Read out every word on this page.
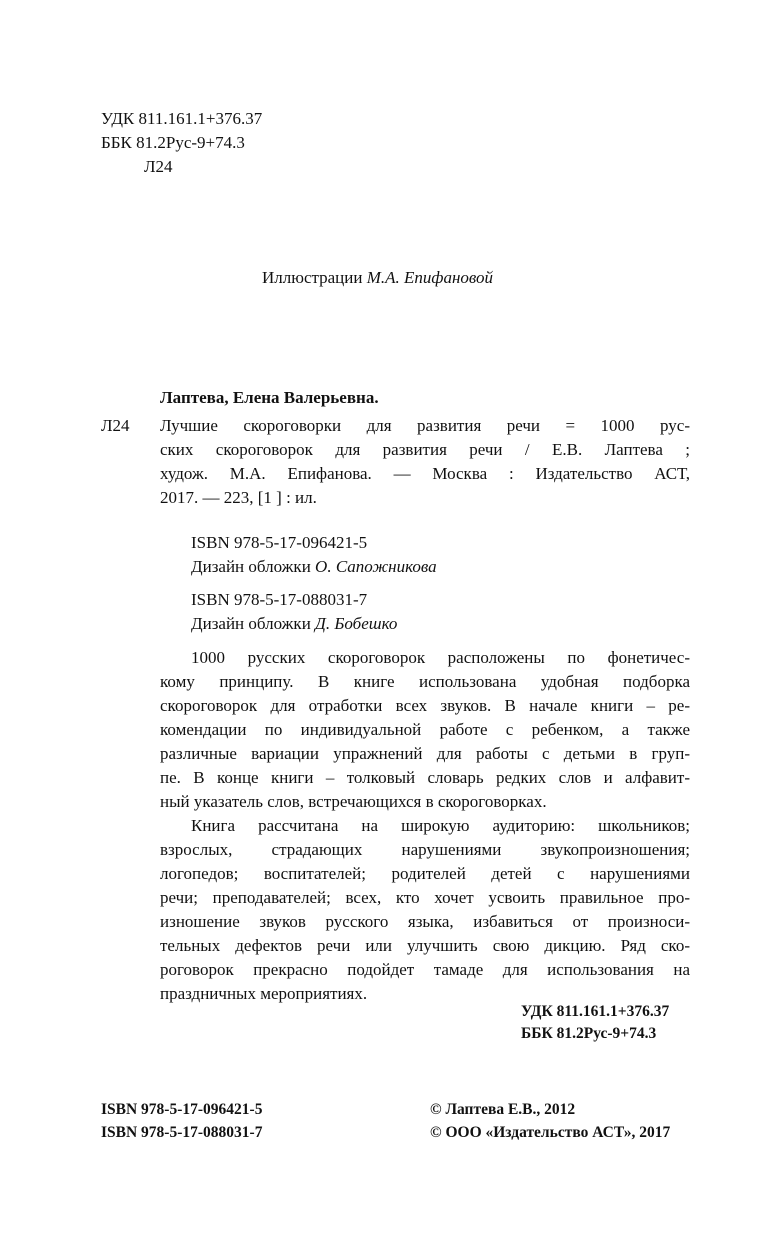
УДК 811.161.1+376.37
ББК 81.2Рус-9+74.3
Л24
Иллюстрации М.А. Епифановой
Лаптева, Елена Валерьевна.
Л24 Лучшие скороговорки для развития речи = 1000 рус-
ских скороговорок для развития речи / Е.В. Лаптева ;
худож. М.А. Епифанова. — Москва : Издательство АСТ,
2017. — 223, [1 ] : ил.
ISBN 978-5-17-096421-5
Дизайн обложки О. Сапожникова
ISBN 978-5-17-088031-7
Дизайн обложки Д. Бобешко
1000 русских скороговорок расположены по фонетичес-
кому принципу. В книге использована удобная подборка
скороговорок для отработки всех звуков. В начале книги – ре-
комендации по индивидуальной работе с ребенком, а также
различные вариации упражнений для работы с детьми в груп-
пе. В конце книги – толковый словарь редких слов и алфавит-
ный указатель слов, встречающихся в скороговорках.
Книга рассчитана на широкую аудиторию: школьников;
взрослых, страдающих нарушениями звукопроизношения;
логопедов; воспитателей; родителей детей с нарушениями
речи; преподавателей; всех, кто хочет усвоить правильное про-
изношение звуков русского языка, избавиться от произноси-
тельных дефектов речи или улучшить свою дикцию. Ряд ско-
роговорок прекрасно подойдет тамаде для использования на
праздничных мероприятиях.
УДК 811.161.1+376.37
ББК 81.2Рус-9+74.3
ISBN 978-5-17-096421-5
ISBN 978-5-17-088031-7
© Лаптева Е.В., 2012
© ООО «Издательство АСТ», 2017
